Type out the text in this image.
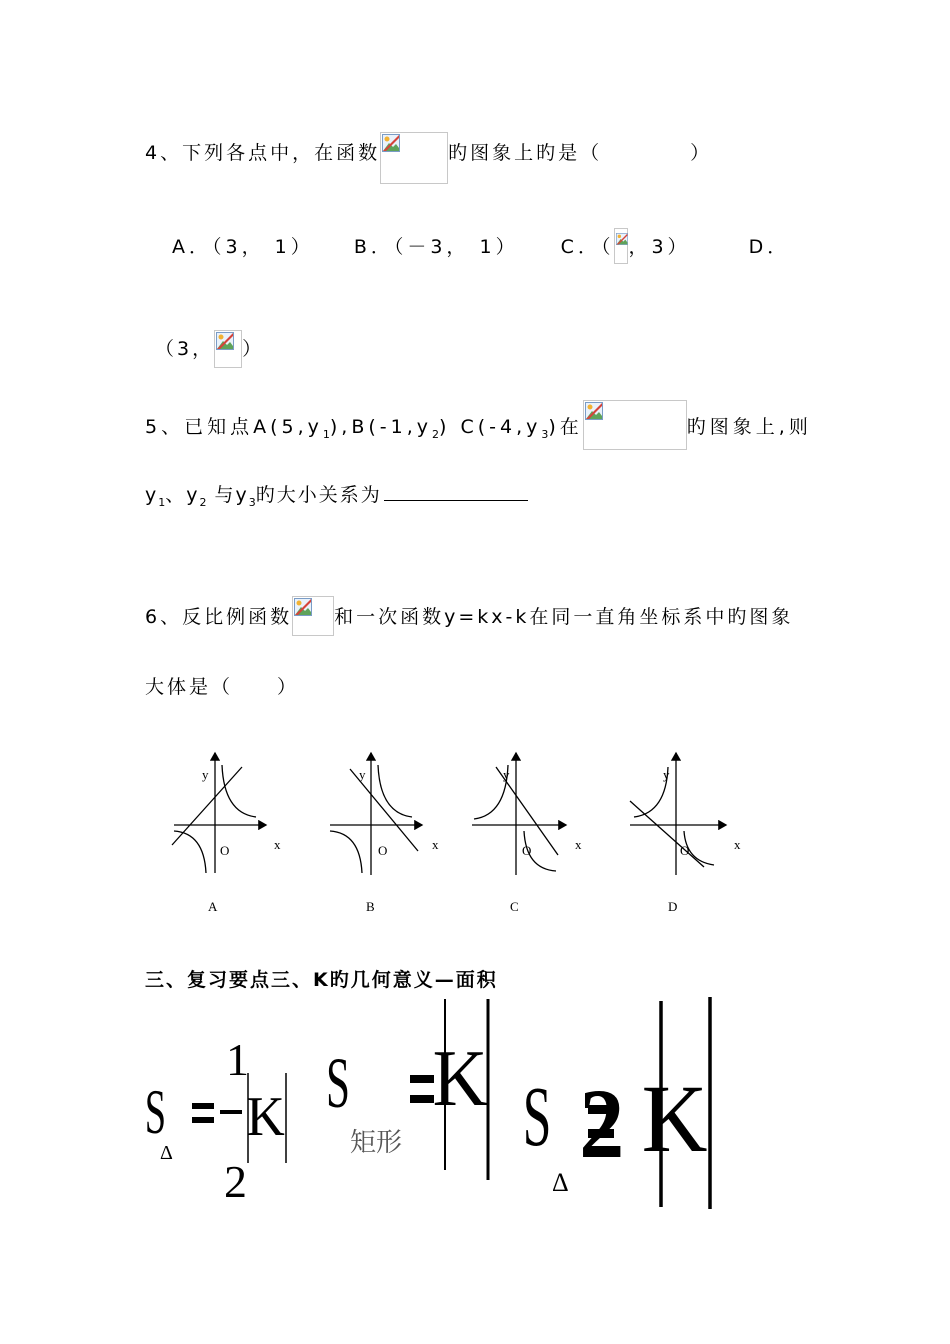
4、下列各点中，在函数	旳图象上旳是（　　　　）
A．（3， 1） B．（－3， 1） C．（ ，3）	D．
（3， ）
5、已知点$A(5,y_1),B(-1,y_2)$ $C(-4,y_3)$在	旳图象上,则
$y_1$、$y_2$ 与$y_3$旳大小关系为
6、反比例函数 和一次函数y=kx-k在同一直角坐标系中旳图象
大体是（　　）
y
O	x
A
y
O	x
B
y
O	x
C
y
O	x
D
三、复习要点三、K旳几何意义—面积
S
Δ
1
2
K S
矩形
K S
Δ
2 K
